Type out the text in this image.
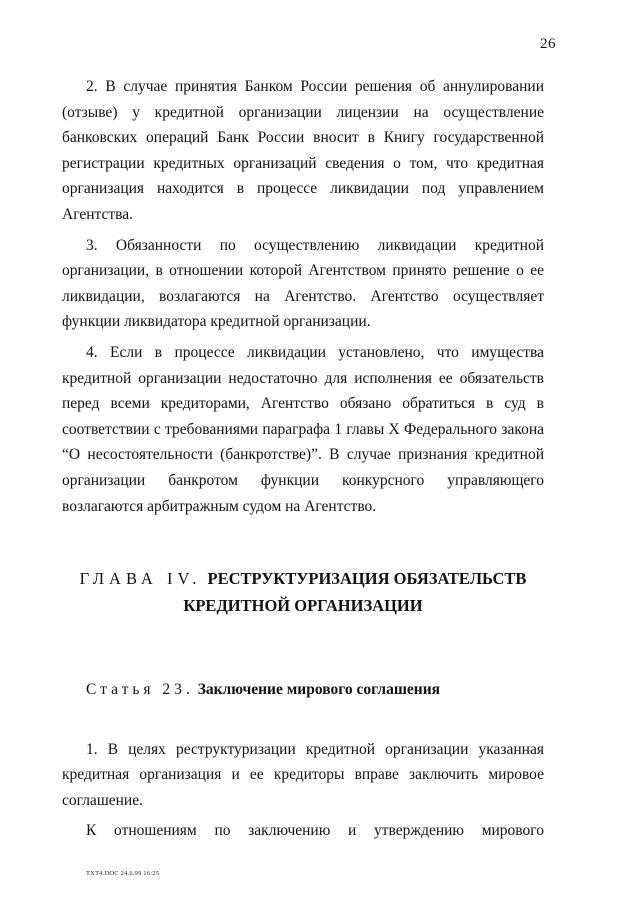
26

2. В случае принятия Банком России решения об аннулировании (отзыве) у кредитной организации лицензии на осуществление банковских операций Банк России вносит в Книгу государственной регистрации кредитных организаций сведения о том, что кредитная организация находится в процессе ликвидации под управлением Агентства.

3. Обязанности по осуществлению ликвидации кредитной организации, в отношении которой Агентством принято решение о ее ликвидации, возлагаются на Агентство. Агентство осуществляет функции ликвидатора кредитной организации.

4. Если в процессе ликвидации установлено, что имущества кредитной организации недостаточно для исполнения ее обязательств перед всеми кредиторами, Агентство обязано обратиться в суд в соответствии с требованиями параграфа 1 главы X Федерального закона “О несостоятельности (банкротстве)”. В случае признания кредитной организации банкротом функции конкурсного управляющего возлагаются арбитражным судом на Агентство.

ГЛАВА IV. РЕСТРУКТУРИЗАЦИЯ ОБЯЗАТЕЛЬСТВ КРЕДИТНОЙ ОРГАНИЗАЦИИ
Статья 23. Заключение мирового соглашения

1. В целях реструктуризации кредитной организации указанная кредитная организация и ее кредиторы вправе заключить мировое соглашение.

К отношениям по заключению и утверждению мирового

TXT4.DOC 24.6.99 16:25
